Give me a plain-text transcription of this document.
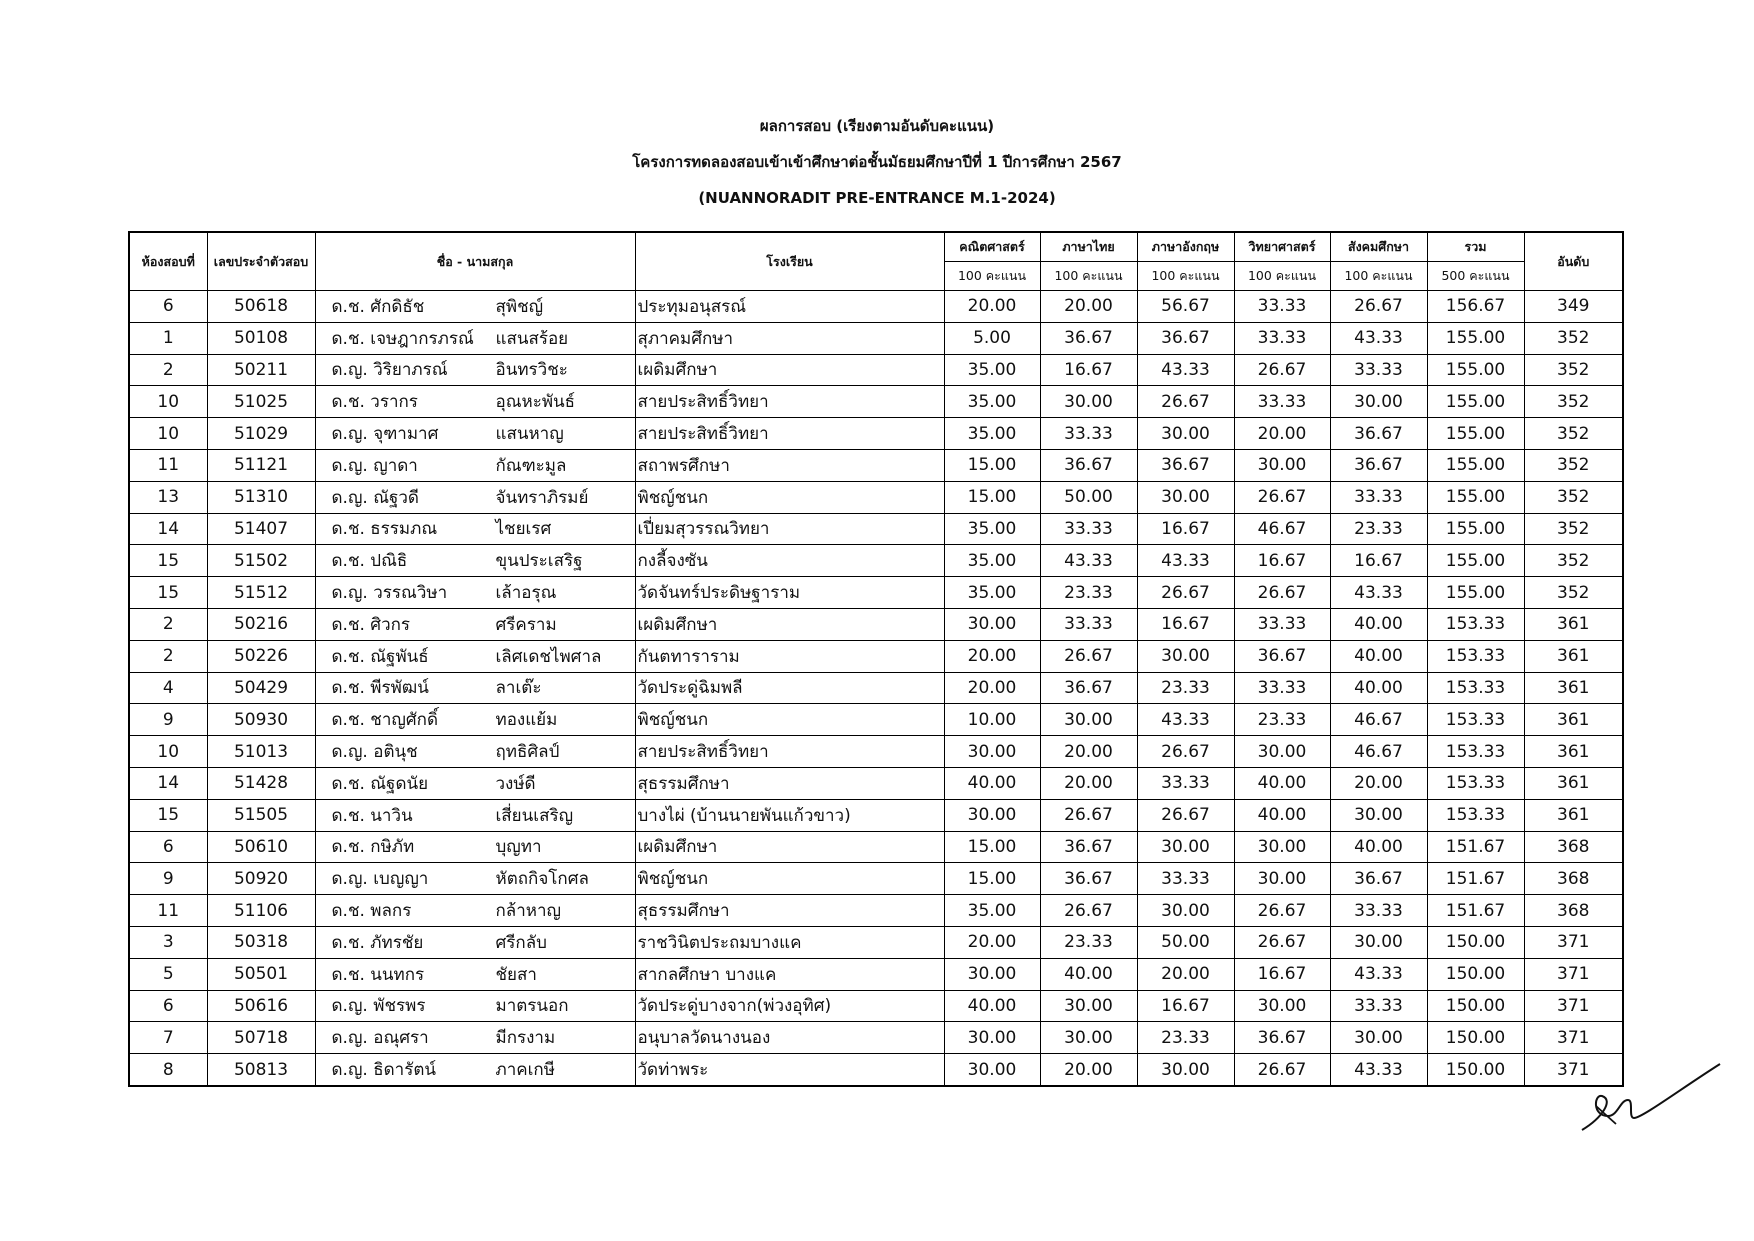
ผลการสอบ (เรียงตามอันดับคะแนน)
โครงการทดลองสอบเข้าเข้าศึกษาต่อชั้นมัธยมศึกษาปีที่ 1 ปีการศึกษา 2567
(NUANNORADIT PRE-ENTRANCE M.1-2024)
ห้องสอบที่	เลขประจำตัวสอบ	ชื่อ - นามสกุล	โรงเรียน	คณิตศาสตร์	ภาษาไทย	ภาษาอังกฤษ	วิทยาศาสตร์	สังคมศึกษา	รวม	อันดับ
				100 คะแนน	100 คะแนน	100 คะแนน	100 คะแนน	100 คะแนน	500 คะแนน	
6	50618	ด.ช. ศักดิธัช สุพิชญ์	ประทุมอนุสรณ์	20.00	20.00	56.67	33.33	26.67	156.67	349
1	50108	ด.ช. เจษฎากรภรณ์ แสนสร้อย	สุภาคมศึกษา	5.00	36.67	36.67	33.33	43.33	155.00	352
2	50211	ด.ญ. วิริยาภรณ์ อินทรวิชะ	เผดิมศึกษา	35.00	16.67	43.33	26.67	33.33	155.00	352
10	51025	ด.ช. วรากร อุณหะพันธ์	สายประสิทธิ์วิทยา	35.00	30.00	26.67	33.33	30.00	155.00	352
10	51029	ด.ญ. จุฑามาศ แสนหาญ	สายประสิทธิ์วิทยา	35.00	33.33	30.00	20.00	36.67	155.00	352
11	51121	ด.ญ. ญาดา กัณฑะมูล	สถาพรศึกษา	15.00	36.67	36.67	30.00	36.67	155.00	352
13	51310	ด.ญ. ณัฐวดี จันทราภิรมย์	พิชญ์ชนก	15.00	50.00	30.00	26.67	33.33	155.00	352
14	51407	ด.ช. ธรรมภณ ไชยเรศ	เปี่ยมสุวรรณวิทยา	35.00	33.33	16.67	46.67	23.33	155.00	352
15	51502	ด.ช. ปณิธิ ขุนประเสริฐ	กงลี้จงซัน	35.00	43.33	43.33	16.67	16.67	155.00	352
15	51512	ด.ญ. วรรณวิษา เล้าอรุณ	วัดจันทร์ประดิษฐาราม	35.00	23.33	26.67	26.67	43.33	155.00	352
2	50216	ด.ช. ศิวกร ศรีคราม	เผดิมศึกษา	30.00	33.33	16.67	33.33	40.00	153.33	361
2	50226	ด.ช. ณัฐพันธ์ เลิศเดชไพศาล	กันตทาราราม	20.00	26.67	30.00	36.67	40.00	153.33	361
4	50429	ด.ช. พีรพัฒน์ ลาเต๊ะ	วัดประดู่ฉิมพลี	20.00	36.67	23.33	33.33	40.00	153.33	361
9	50930	ด.ช. ชาญศักดิ์ ทองแย้ม	พิชญ์ชนก	10.00	30.00	43.33	23.33	46.67	153.33	361
10	51013	ด.ญ. อตินุช ฤทธิศิลป์	สายประสิทธิ์วิทยา	30.00	20.00	26.67	30.00	46.67	153.33	361
14	51428	ด.ช. ณัฐดนัย วงษ์ดี	สุธรรมศึกษา	40.00	20.00	33.33	40.00	20.00	153.33	361
15	51505	ด.ช. นาวิน เสี่ยนเสริญ	บางไผ่ (บ้านนายพันแก้วขาว)	30.00	26.67	26.67	40.00	30.00	153.33	361
6	50610	ด.ช. กษิภัท บุญทา	เผดิมศึกษา	15.00	36.67	30.00	30.00	40.00	151.67	368
9	50920	ด.ญ. เบญญา หัตถกิจโกศล	พิชญ์ชนก	15.00	36.67	33.33	30.00	36.67	151.67	368
11	51106	ด.ช. พลกร กล้าหาญ	สุธรรมศึกษา	35.00	26.67	30.00	26.67	33.33	151.67	368
3	50318	ด.ช. ภัทรชัย ศรีกลับ	ราชวินิตประถมบางแค	20.00	23.33	50.00	26.67	30.00	150.00	371
5	50501	ด.ช. นนทกร ชัยสา	สากลศึกษา บางแค	30.00	40.00	20.00	16.67	43.33	150.00	371
6	50616	ด.ญ. พัชรพร มาตรนอก	วัดประดู่บางจาก(พ่วงอุทิศ)	40.00	30.00	16.67	30.00	33.33	150.00	371
7	50718	ด.ญ. อณุศรา มีกรงาม	อนุบาลวัดนางนอง	30.00	30.00	23.33	36.67	30.00	150.00	371
8	50813	ด.ญ. ธิดารัตน์ ภาคเกษี	วัดท่าพระ	30.00	20.00	30.00	26.67	43.33	150.00	371
